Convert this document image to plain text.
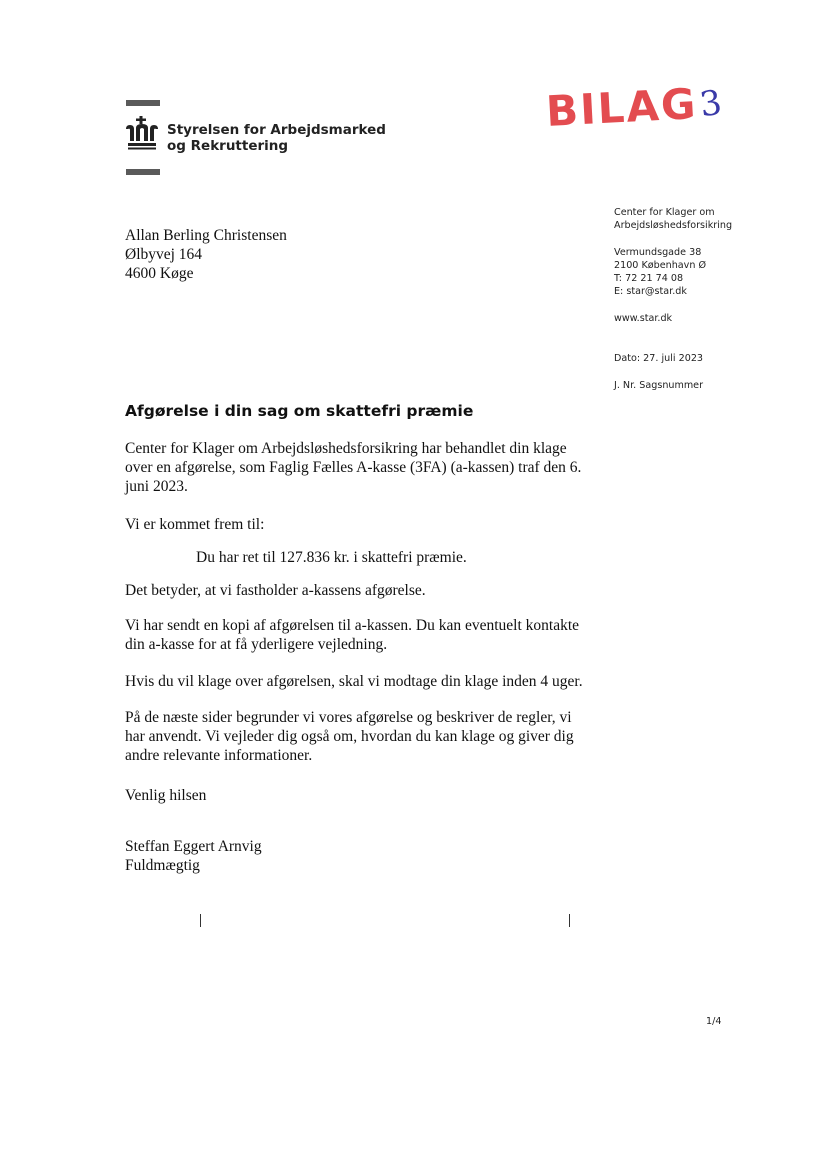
Styrelsen for Arbejdsmarked
og Rekruttering
BILAG
3
Allan Berling Christensen
Ølbyvej 164
4600 Køge
Center for Klager om
Arbejdsløshedsforsikring
Vermundsgade 38
2100 København Ø
T: 72 21 74 08
E: star@star.dk
www.star.dk
Dato: 27. juli 2023
J. Nr. Sagsnummer
Afgørelse i din sag om skattefri præmie

Center for Klager om Arbejdsløshedsforsikring har behandlet din klage over en afgørelse, som Faglig Fælles A-kasse (3FA) (a-kassen) traf den 6. juni 2023.

Vi er kommet frem til:

Du har ret til 127.836 kr. i skattefri præmie.

Det betyder, at vi fastholder a-kassens afgørelse.

Vi har sendt en kopi af afgørelsen til a-kassen. Du kan eventuelt kontakte din a-kasse for at få yderligere vejledning.

Hvis du vil klage over afgørelsen, skal vi modtage din klage inden 4 uger.

På de næste sider begrunder vi vores afgørelse og beskriver de regler, vi har anvendt. Vi vejleder dig også om, hvordan du kan klage og giver dig andre relevante informationer.

Venlig hilsen

Steffan Eggert Arnvig

Fuldmægtig

1/4
